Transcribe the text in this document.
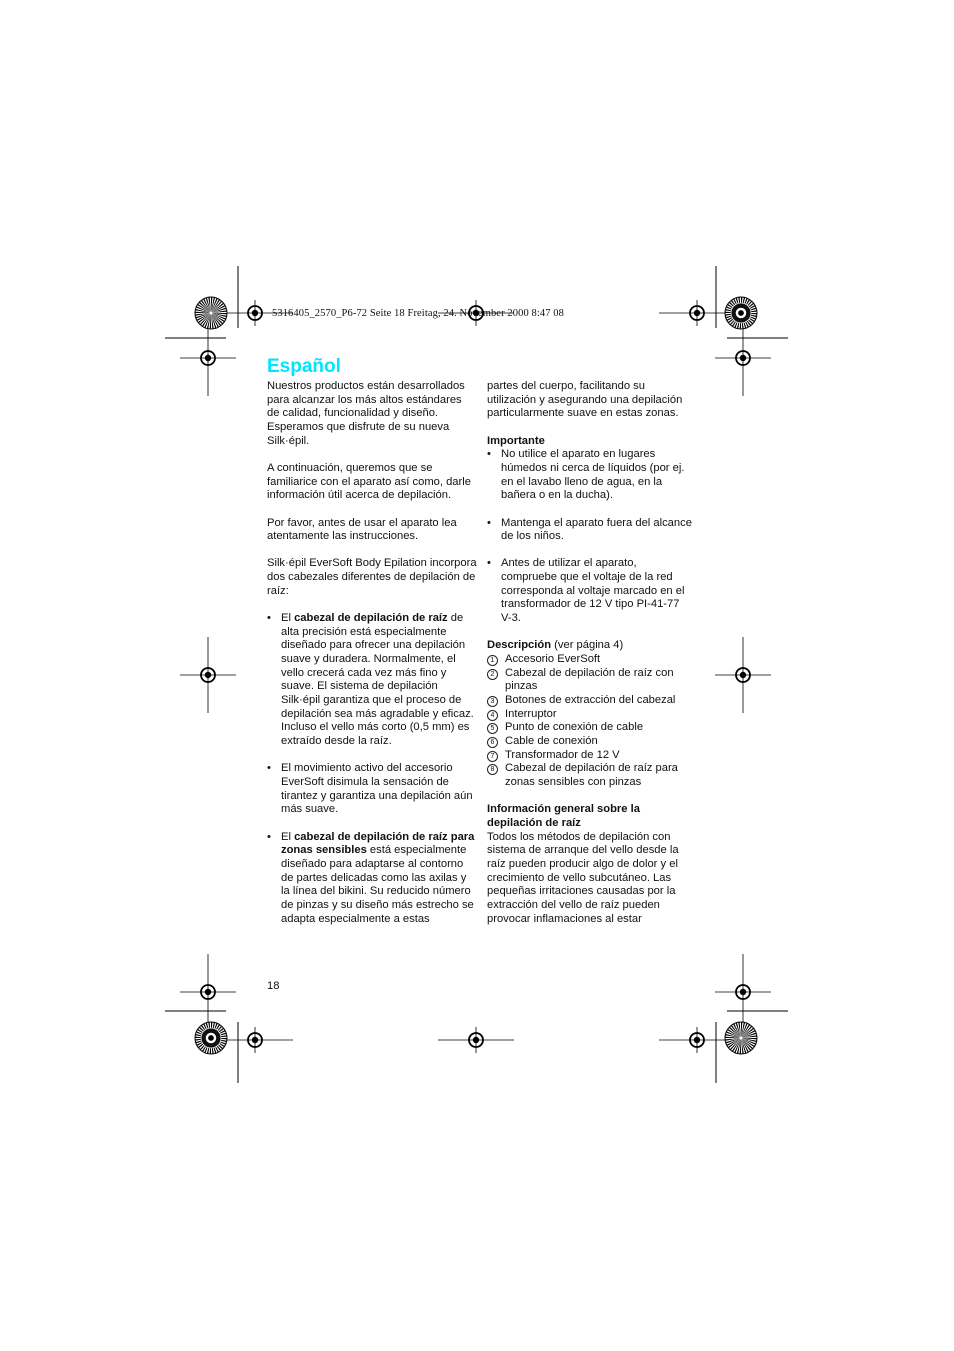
5316405_2570_P6-72 Seite 18 Freitag, 24. November 2000 8:47 08
Español

Nuestros productos están desarrollados para alcanzar los más altos estándares de calidad, funcionalidad y diseño. Esperamos que disfrute de su nueva Silk·épil.

A continuación, queremos que se familiarice con el aparato así como, darle información útil acerca de depilación.

Por favor, antes de usar el aparato lea atentamente las instrucciones.

Silk·épil EverSoft Body Epilation incorpora dos cabezales diferentes de depilación de raíz:

• El cabezal de depilación de raíz de alta precisión está especialmente diseñado para ofrecer una depilación suave y duradera. Normalmente, el vello crecerá cada vez más fino y suave. El sistema de depilación Silk·épil garantiza que el proceso de depilación sea más agradable y eficaz. Incluso el vello más corto (0,5 mm) es extraído desde la raíz.

• El movimiento activo del accesorio EverSoft disimula la sensación de tirantez y garantiza una depilación aún más suave.

• El cabezal de depilación de raíz para zonas sensibles está especialmente diseñado para adaptarse al contorno de partes delicadas como las axilas y la línea del bikini. Su reducido número de pinzas y su diseño más estrecho se adapta especialmente a estas

partes del cuerpo, facilitando su utilización y asegurando una depilación particularmente suave en estas zonas.

Importante

• No utilice el aparato en lugares húmedos ni cerca de líquidos (por ej. en el lavabo lleno de agua, en la bañera o en la ducha).

• Mantenga el aparato fuera del alcance de los niños.

• Antes de utilizar el aparato, compruebe que el voltaje de la red corresponda al voltaje marcado en el transformador de 12 V tipo PI-41-77 V-3.

Descripción (ver página 4)

1 Accesorio EverSoft

2 Cabezal de depilación de raíz con pinzas

3 Botones de extracción del cabezal

4 Interruptor

5 Punto de conexión de cable

6 Cable de conexión

7 Transformador de 12 V

8 Cabezal de depilación de raíz para zonas sensibles con pinzas

Información general sobre la depilación de raíz

Todos los métodos de depilación con sistema de arranque del vello desde la raíz pueden producir algo de dolor y el crecimiento de vello subcutáneo. Las pequeñas irritaciones causadas por la extracción del vello de raíz pueden provocar inflamaciones al estar

18
